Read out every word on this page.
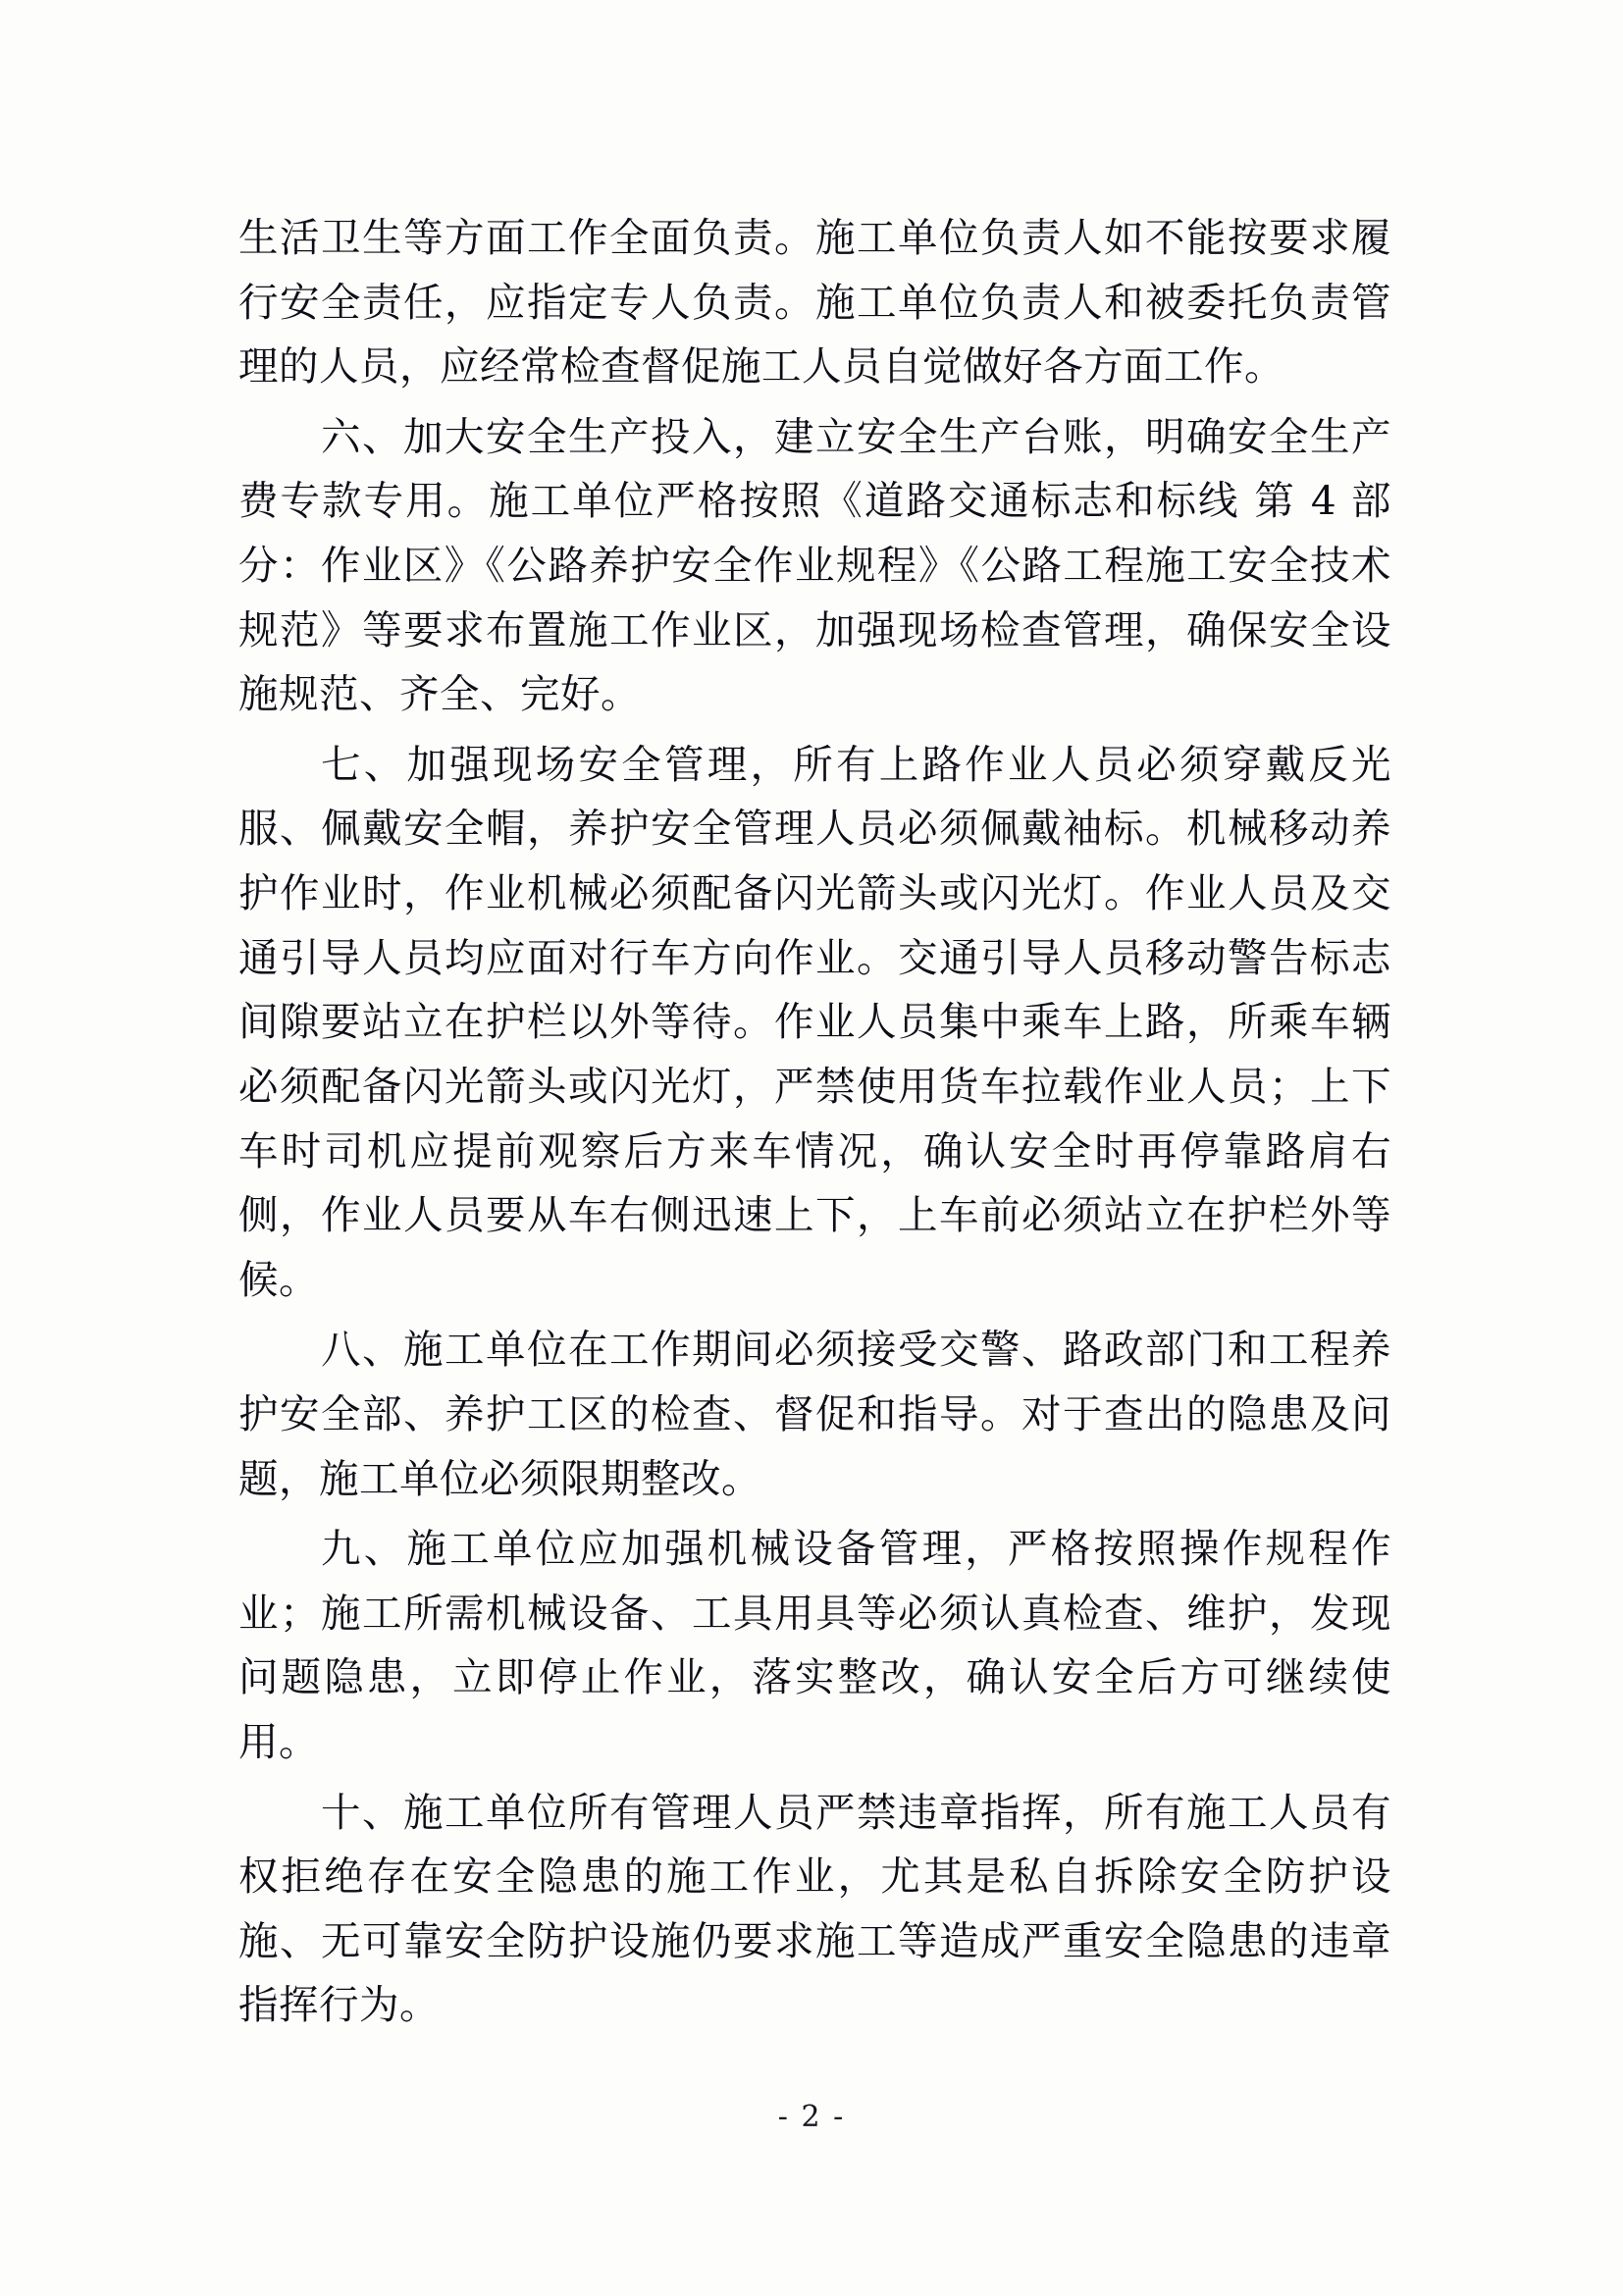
生活卫生等方面工作全面负责。施工单位负责人如不能按要求履行安全责任，应指定专人负责。施工单位负责人和被委托负责管理的人员，应经常检查督促施工人员自觉做好各方面工作。

六、加大安全生产投入，建立安全生产台账，明确安全生产费专款专用。施工单位严格按照《道路交通标志和标线 第 4 部分：作业区》《公路养护安全作业规程》《公路工程施工安全技术规范》等要求布置施工作业区，加强现场检查管理，确保安全设施规范、齐全、完好。

七、加强现场安全管理，所有上路作业人员必须穿戴反光服、佩戴安全帽，养护安全管理人员必须佩戴袖标。机械移动养护作业时，作业机械必须配备闪光箭头或闪光灯。作业人员及交通引导人员均应面对行车方向作业。交通引导人员移动警告标志间隙要站立在护栏以外等待。作业人员集中乘车上路，所乘车辆必须配备闪光箭头或闪光灯，严禁使用货车拉载作业人员；上下车时司机应提前观察后方来车情况，确认安全时再停靠路肩右侧，作业人员要从车右侧迅速上下，上车前必须站立在护栏外等候。

八、施工单位在工作期间必须接受交警、路政部门和工程养护安全部、养护工区的检查、督促和指导。对于查出的隐患及问题，施工单位必须限期整改。

九、施工单位应加强机械设备管理，严格按照操作规程作业；施工所需机械设备、工具用具等必须认真检查、维护，发现问题隐患，立即停止作业，落实整改，确认安全后方可继续使用。

十、施工单位所有管理人员严禁违章指挥，所有施工人员有权拒绝存在安全隐患的施工作业，尤其是私自拆除安全防护设施、无可靠安全防护设施仍要求施工等造成严重安全隐患的违章指挥行为。

- 2 -
